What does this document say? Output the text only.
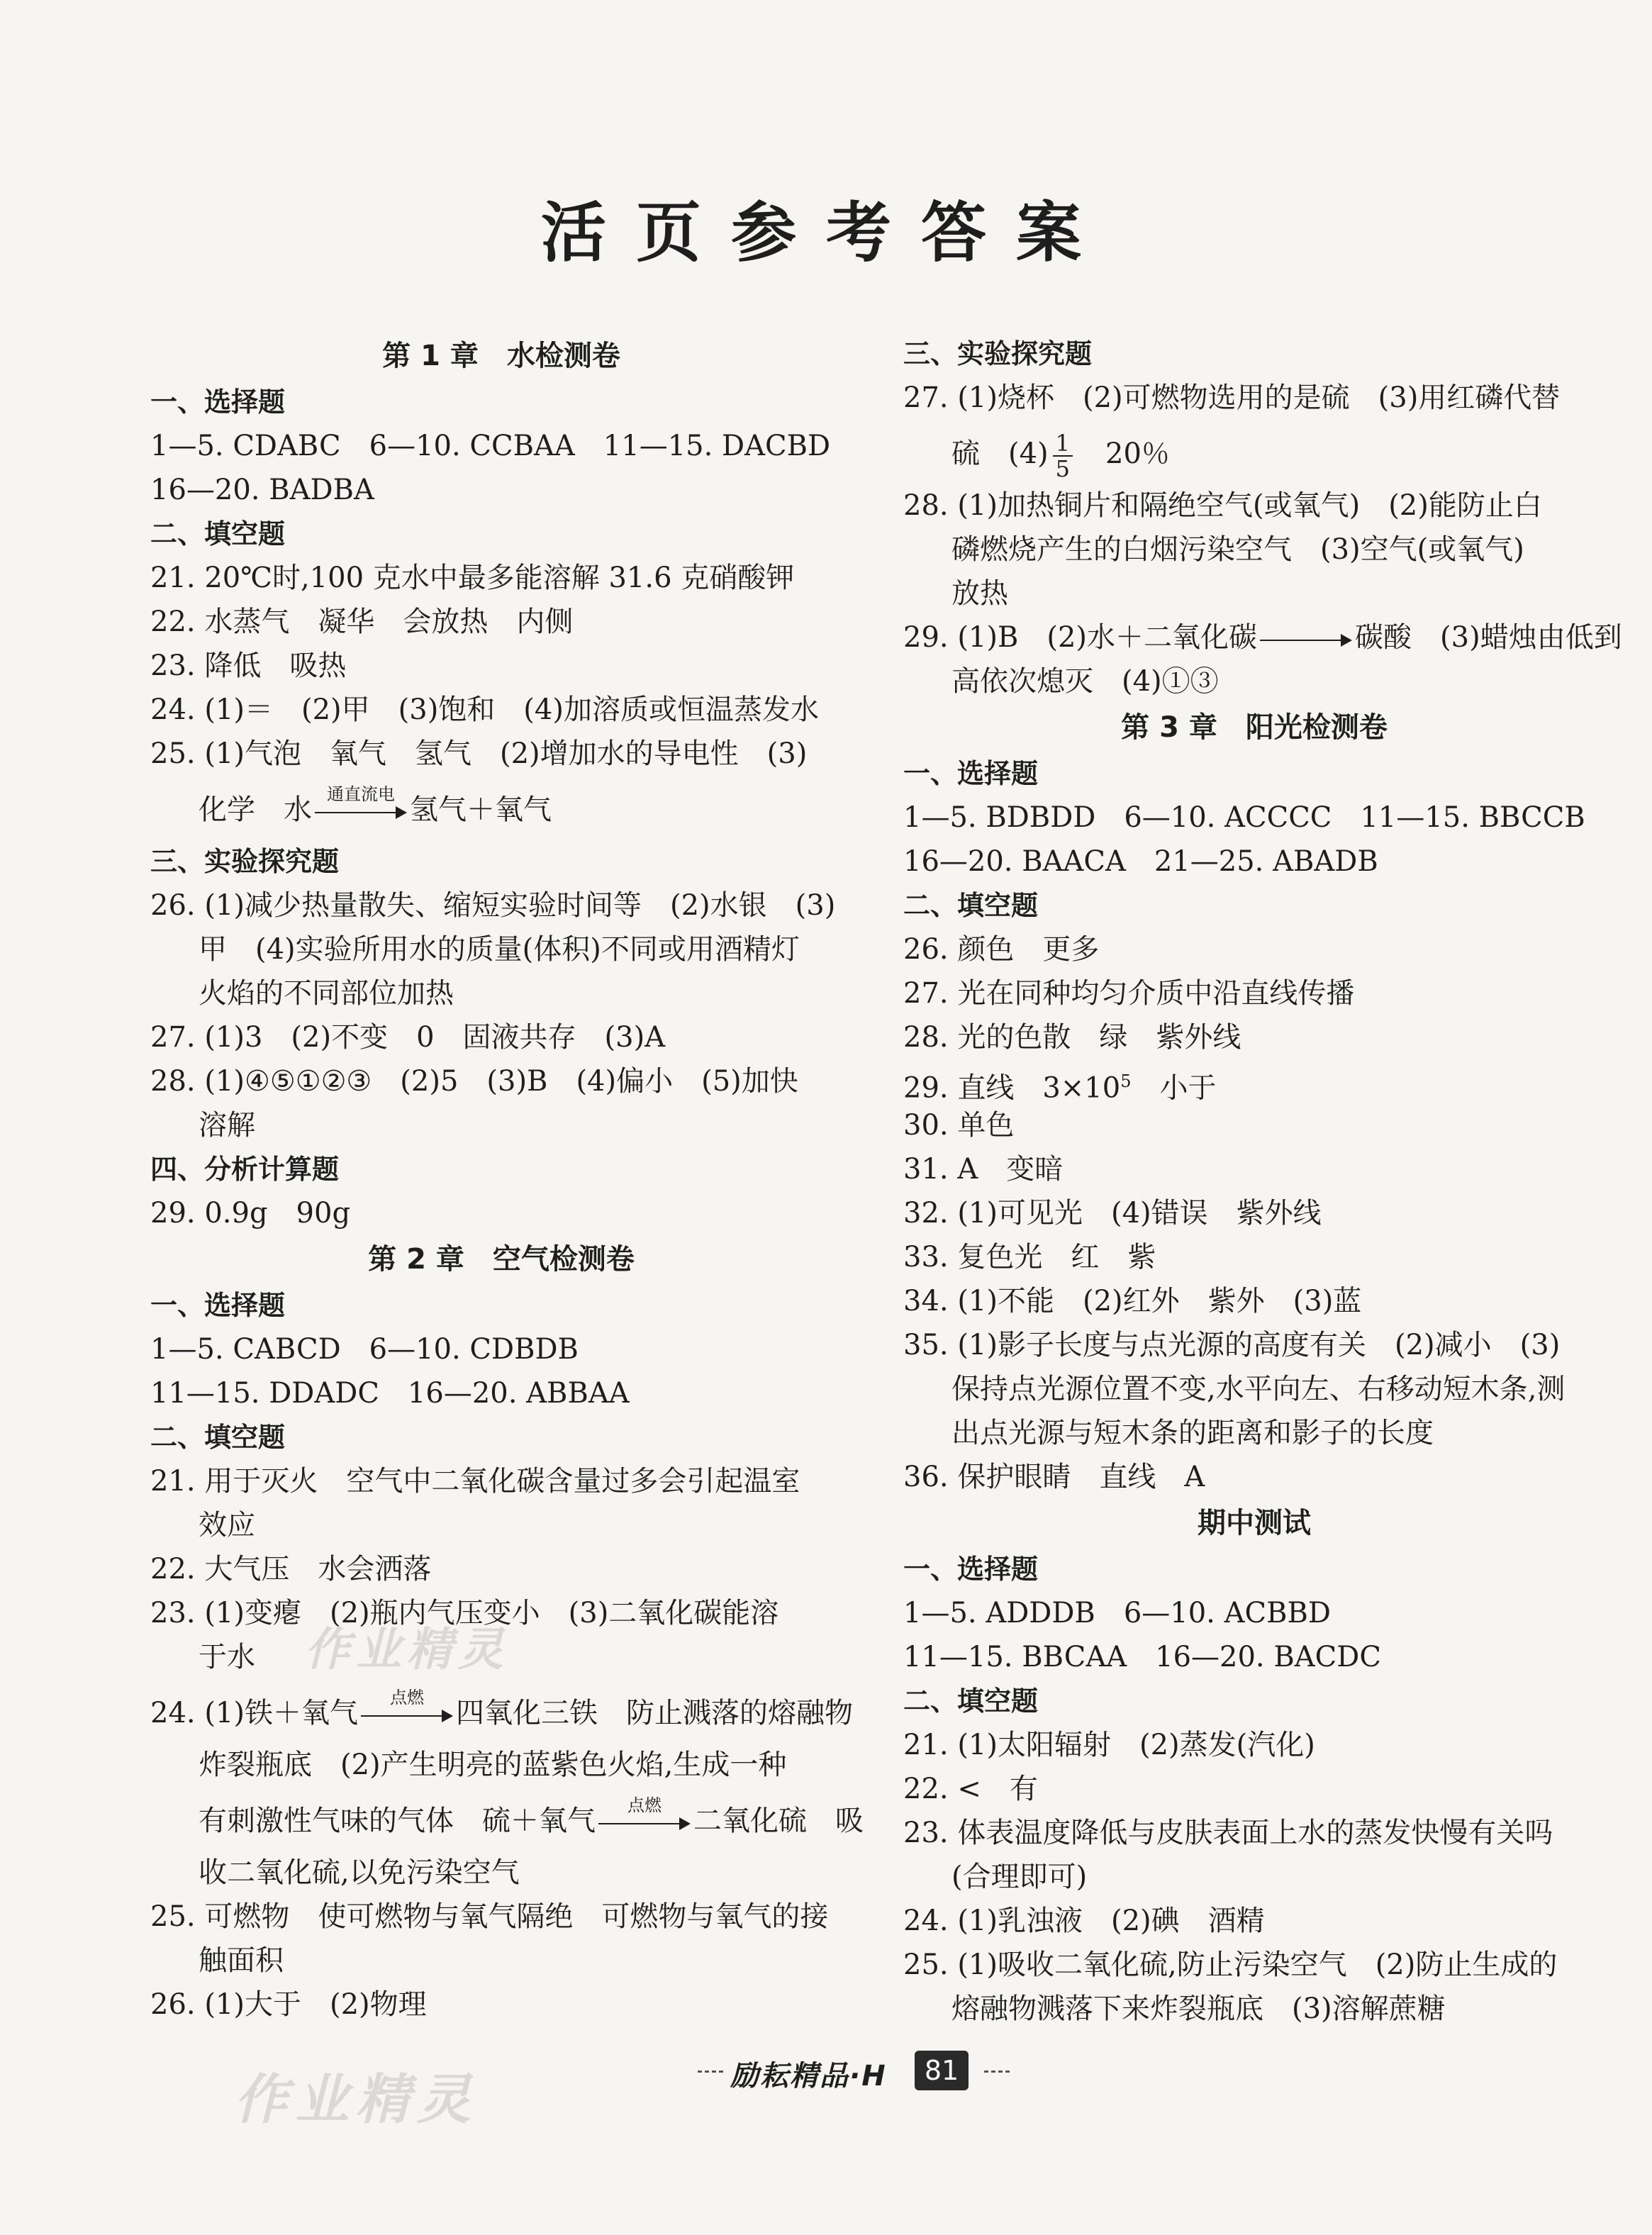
活页参考答案
第 1 章　水检测卷
一、选择题
1—5. CDABC　6—10. CCBAA　11—15. DACBD
16—20. BADBA
二、填空题
21. 20℃时,100 克水中最多能溶解 31.6 克硝酸钾
22. 水蒸气　凝华　会放热　内侧
23. 降低　吸热
24. (1)＝　(2)甲　(3)饱和　(4)加溶质或恒温蒸发水
25. (1)气泡　氧气　氢气　(2)增加水的导电性　(3)
化学　水 通直流电 氢气＋氧气
三、实验探究题
26. (1)减少热量散失、缩短实验时间等　(2)水银　(3)
甲　(4)实验所用水的质量(体积)不同或用酒精灯
火焰的不同部位加热
27. (1)3　(2)不变　0　固液共存　(3)A
28. (1)④⑤①②③　(2)5　(3)B　(4)偏小　(5)加快
溶解
四、分析计算题
29. 0.9g　90g
第 2 章　空气检测卷
一、选择题
1—5. CABCD　6—10. CDBDB
11—15. DDADC　16—20. ABBAA
二、填空题
21. 用于灭火　空气中二氧化碳含量过多会引起温室
效应
22. 大气压　水会洒落
23. (1)变瘪　(2)瓶内气压变小　(3)二氧化碳能溶
于水
24. (1)铁＋氧气	点燃	四氧化三铁　防止溅落的熔融物
炸裂瓶底　(2)产生明亮的蓝紫色火焰,生成一种
有刺激性气味的气体　硫＋氧气	点燃	二氧化硫　吸
收二氧化硫,以免污染空气
25. 可燃物　使可燃物与氧气隔绝　可燃物与氧气的接
触面积
26. (1)大于　(2)物理
三、实验探究题
27. (1)烧杯　(2)可燃物选用的是硫　(3)用红磷代替
硫　$(4) \frac{1}{5}$ 　20％
28. (1)加热铜片和隔绝空气(或氧气)　(2)能防止白
磷燃烧产生的白烟污染空气　(3)空气(或氧气)
放热
29. (1)B　(2)水＋二氧化碳	碳酸　(3)蜡烛由低到
高依次熄灭　(4)①③
第 3 章　阳光检测卷
一、选择题
1—5. BDBDD　6—10. ACCCC　11—15. BBCCB
16—20. BAACA　21—25. ABADB
二、填空题
26. 颜色　更多
27. 光在同种均匀介质中沿直线传播
28. 光的色散　绿　紫外线
29. 直线　$3\times 10^5$　小于
30. 单色
31. A　变暗
32. (1)可见光　(4)错误　紫外线
33. 复色光　红　紫
34. (1)不能　(2)红外　紫外　(3)蓝
35. (1)影子长度与点光源的高度有关　(2)减小　(3)
保持点光源位置不变,水平向左、右移动短木条,测
出点光源与短木条的距离和影子的长度
36. 保护眼睛　直线　A
期中测试
一、选择题
1—5. ADDDB　6—10. ACBBD
11—15. BBCAA　16—20. BACDC
二、填空题
21. (1)太阳辐射　(2)蒸发(汽化)
22. <　有
23. 体表温度降低与皮肤表面上水的蒸发快慢有关吗
(合理即可)
24. (1)乳浊液　(2)碘　酒精
25. (1)吸收二氧化硫,防止污染空气　(2)防止生成的
熔融物溅落下来炸裂瓶底　(3)溶解蔗糖
作业精灵
作业精灵	励耘精品·H	81
